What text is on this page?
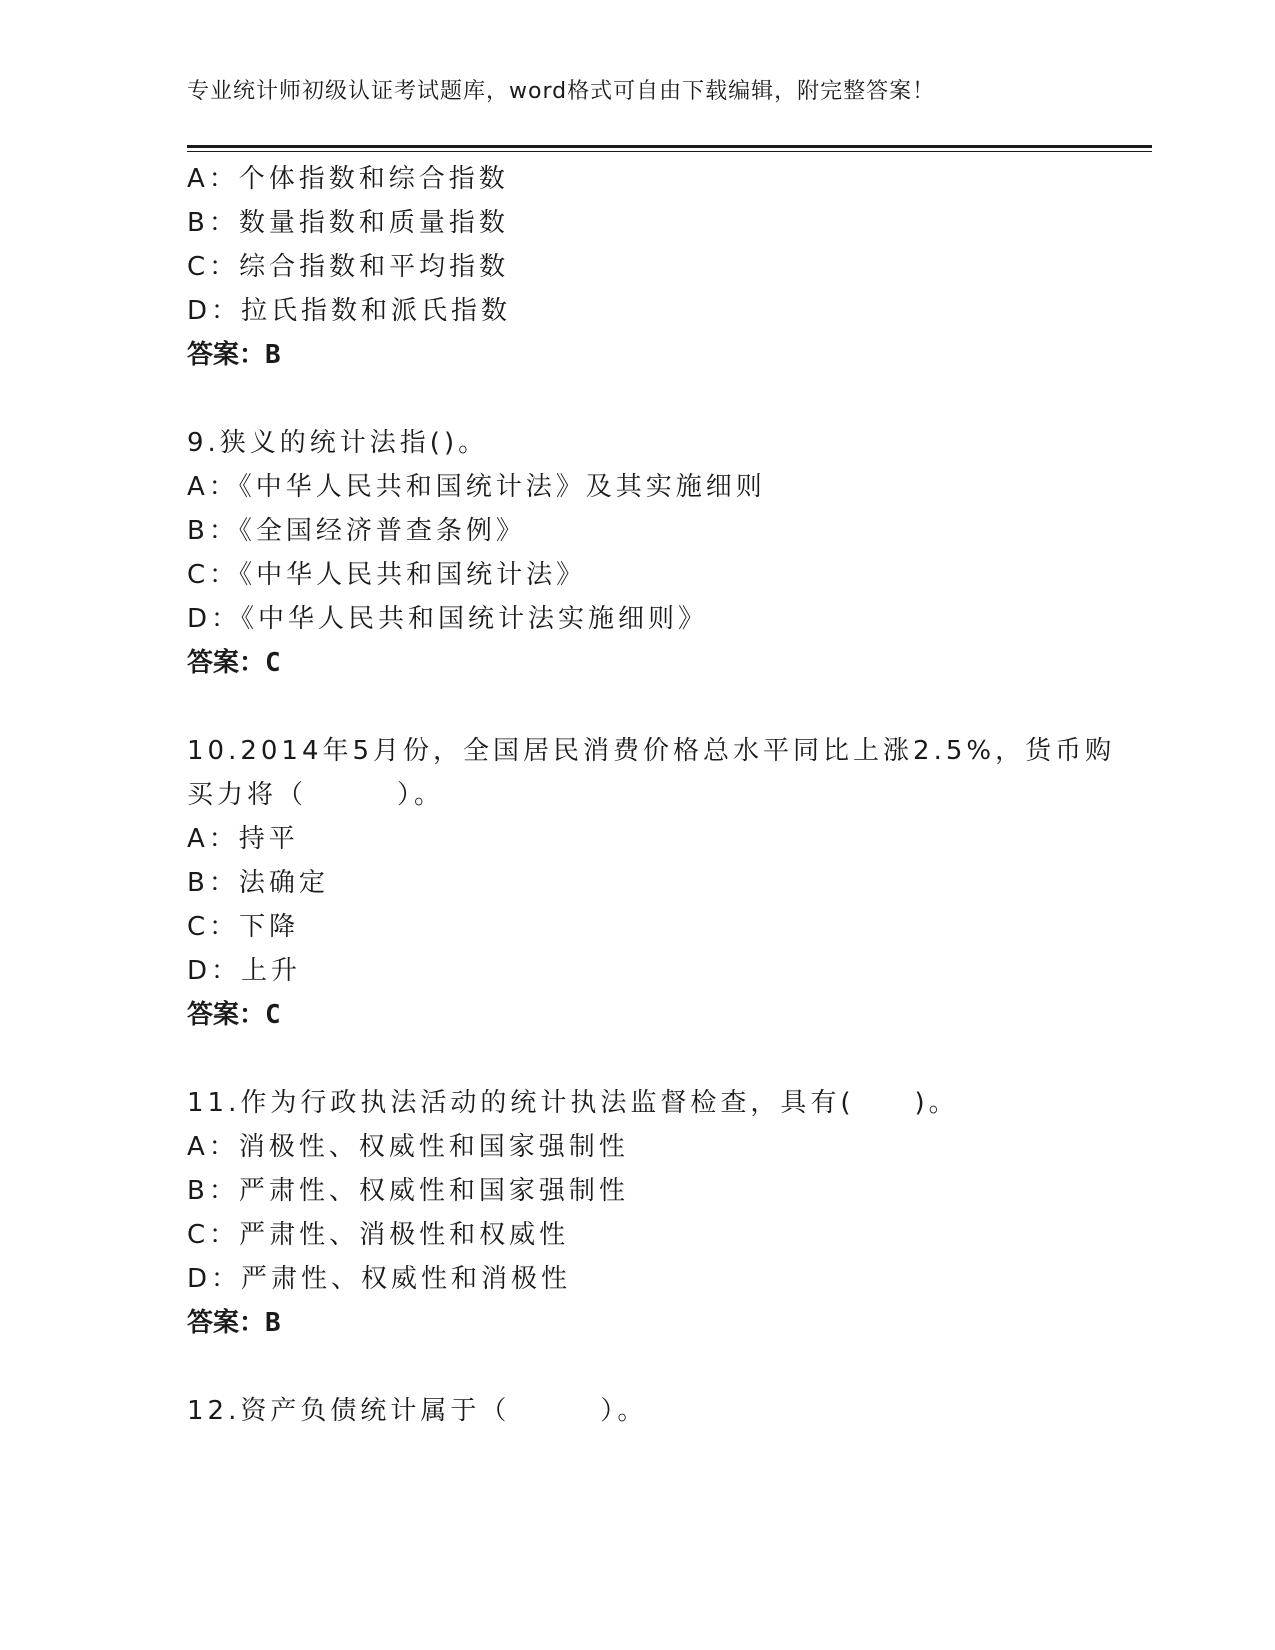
专业统计师初级认证考试题库，word格式可自由下载编辑，附完整答案！
A：个体指数和综合指数
B：数量指数和质量指数
C：综合指数和平均指数
D：拉氏指数和派氏指数
答案：B
9.狭义的统计法指()。
A：《中华人民共和国统计法》及其实施细则
B：《全国经济普查条例》
C：《中华人民共和国统计法》
D：《中华人民共和国统计法实施细则》
答案：C
10.2014年5月份，全国居民消费价格总水平同比上涨2.5%，货币购
买力将（　　　）。
A：持平
B：法确定
C：下降
D：上升
答案：C
11.作为行政执法活动的统计执法监督检查，具有(　　)。
A：消极性、权威性和国家强制性
B：严肃性、权威性和国家强制性
C：严肃性、消极性和权威性
D：严肃性、权威性和消极性
答案：B
12.资产负债统计属于（　　　）。
